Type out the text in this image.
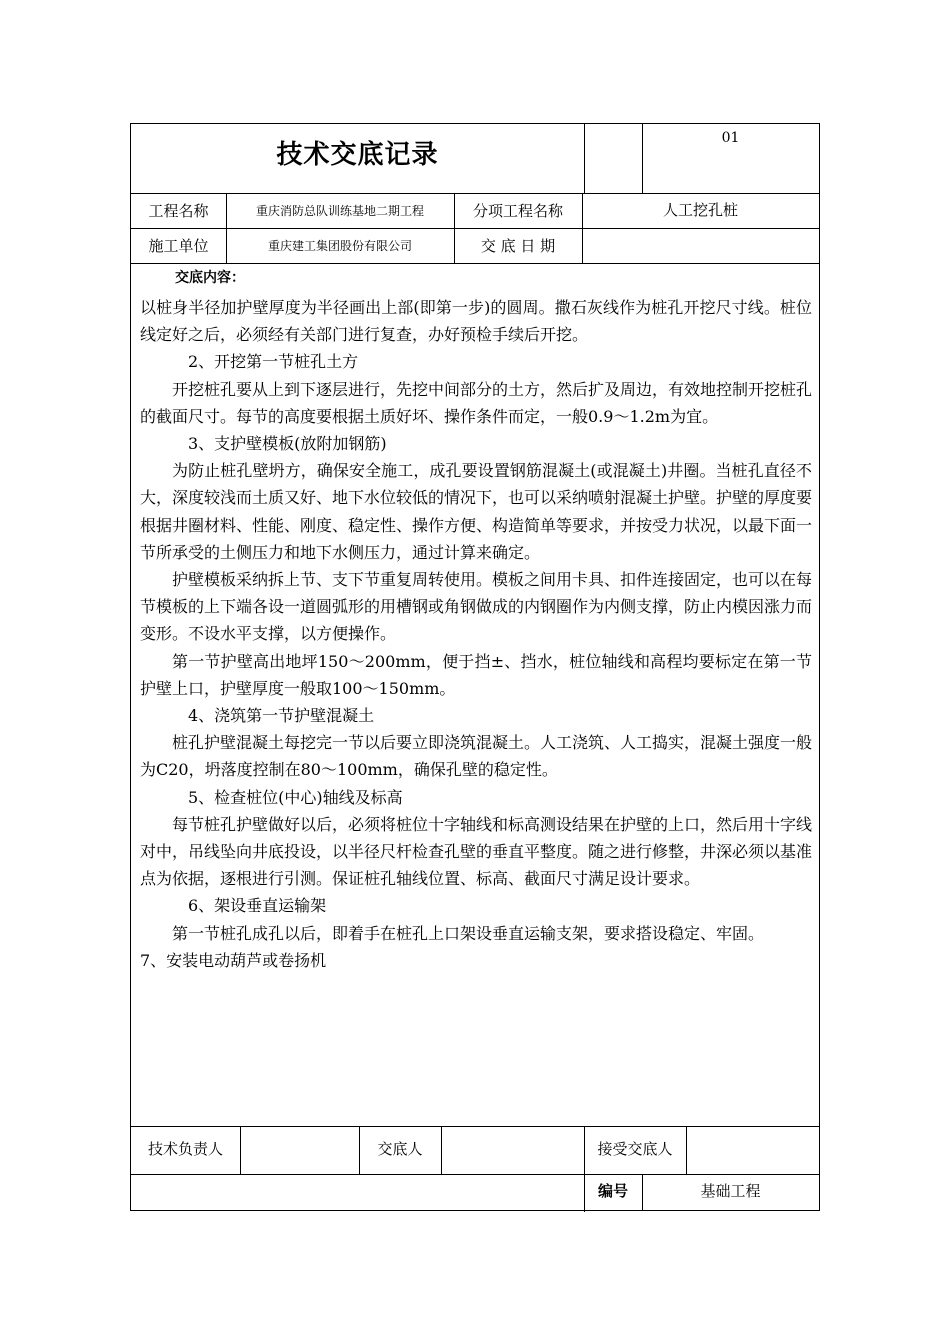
技术交底记录
01
工程名称	重庆消防总队训练基地二期工程	分项工程名称	人工挖孔桩
施工单位	重庆建工集团股份有限公司	交 底 日 期
交底内容：

以桩身半径加护壁厚度为半径画出上部(即第一步)的圆周。撒石灰线作为桩孔开挖尺寸线。桩位线定好之后，必须经有关部门进行复查，办好预检手续后开挖。

2、开挖第一节桩孔土方

开挖桩孔要从上到下逐层进行，先挖中间部分的土方，然后扩及周边，有效地控制开挖桩孔的截面尺寸。每节的高度要根据土质好坏、操作条件而定，一般0.9～1.2m为宜。

3、支护壁模板(放附加钢筋)

为防止桩孔壁坍方，确保安全施工，成孔要设置钢筋混凝土(或混凝土)井圈。当桩孔直径不大，深度较浅而土质又好、地下水位较低的情况下，也可以采纳喷射混凝土护壁。护壁的厚度要根据井圈材料、性能、刚度、稳定性、操作方便、构造简单等要求，并按受力状况，以最下面一节所承受的土侧压力和地下水侧压力，通过计算来确定。

护壁模板采纳拆上节、支下节重复周转使用。模板之间用卡具、扣件连接固定，也可以在每节模板的上下端各设一道圆弧形的用槽钢或角钢做成的内钢圈作为内侧支撑，防止内模因涨力而变形。不设水平支撑，以方便操作。

第一节护壁高出地坪150～200mm，便于挡±、挡水，桩位轴线和高程均要标定在第一节护壁上口，护壁厚度一般取100～150mm。

4、浇筑第一节护壁混凝土

桩孔护壁混凝土每挖完一节以后要立即浇筑混凝土。人工浇筑、人工捣实，混凝土强度一般为C20，坍落度控制在80～100mm，确保孔壁的稳定性。

5、检查桩位(中心)轴线及标高

每节桩孔护壁做好以后，必须将桩位十字轴线和标高测设结果在护壁的上口，然后用十字线对中，吊线坠向井底投设，以半径尺杆检查孔壁的垂直平整度。随之进行修整，井深必须以基准点为依据，逐根进行引测。保证桩孔轴线位置、标高、截面尺寸满足设计要求。

6、架设垂直运输架

第一节桩孔成孔以后，即着手在桩孔上口架设垂直运输支架，要求搭设稳定、牢固。

7、安装电动葫芦或卷扬机

技术负责人	交底人	接受交底人
编号	基础工程
